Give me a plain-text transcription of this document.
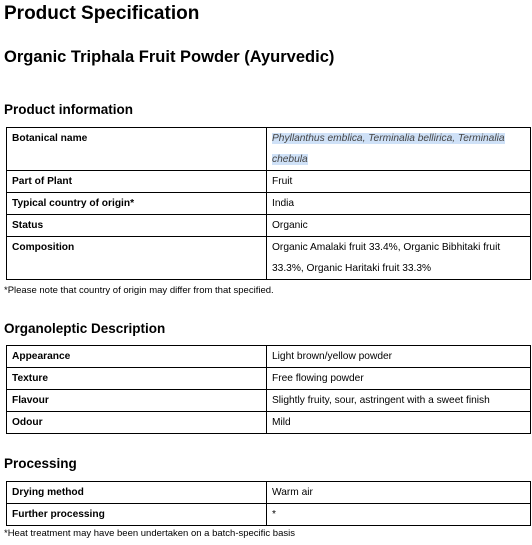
Product Specification
Organic Triphala Fruit Powder (Ayurvedic)
Product information
Botanical name	Phyllanthus emblica, Terminalia bellirica, Terminalia chebula
Part of Plant	Fruit
Typical country of origin*	India
Status	Organic
Composition	Organic Amalaki fruit 33.4%, Organic Bibhitaki fruit 33.3%, Organic Haritaki fruit 33.3%
*Please note that country of origin may differ from that specified.
Organoleptic Description
Appearance	Light brown/yellow powder
Texture	Free flowing powder
Flavour	Slightly fruity, sour, astringent with a sweet finish
Odour	Mild
Processing
Drying method	Warm air
Further processing	*
*Heat treatment may have been undertaken on a batch-specific basis
